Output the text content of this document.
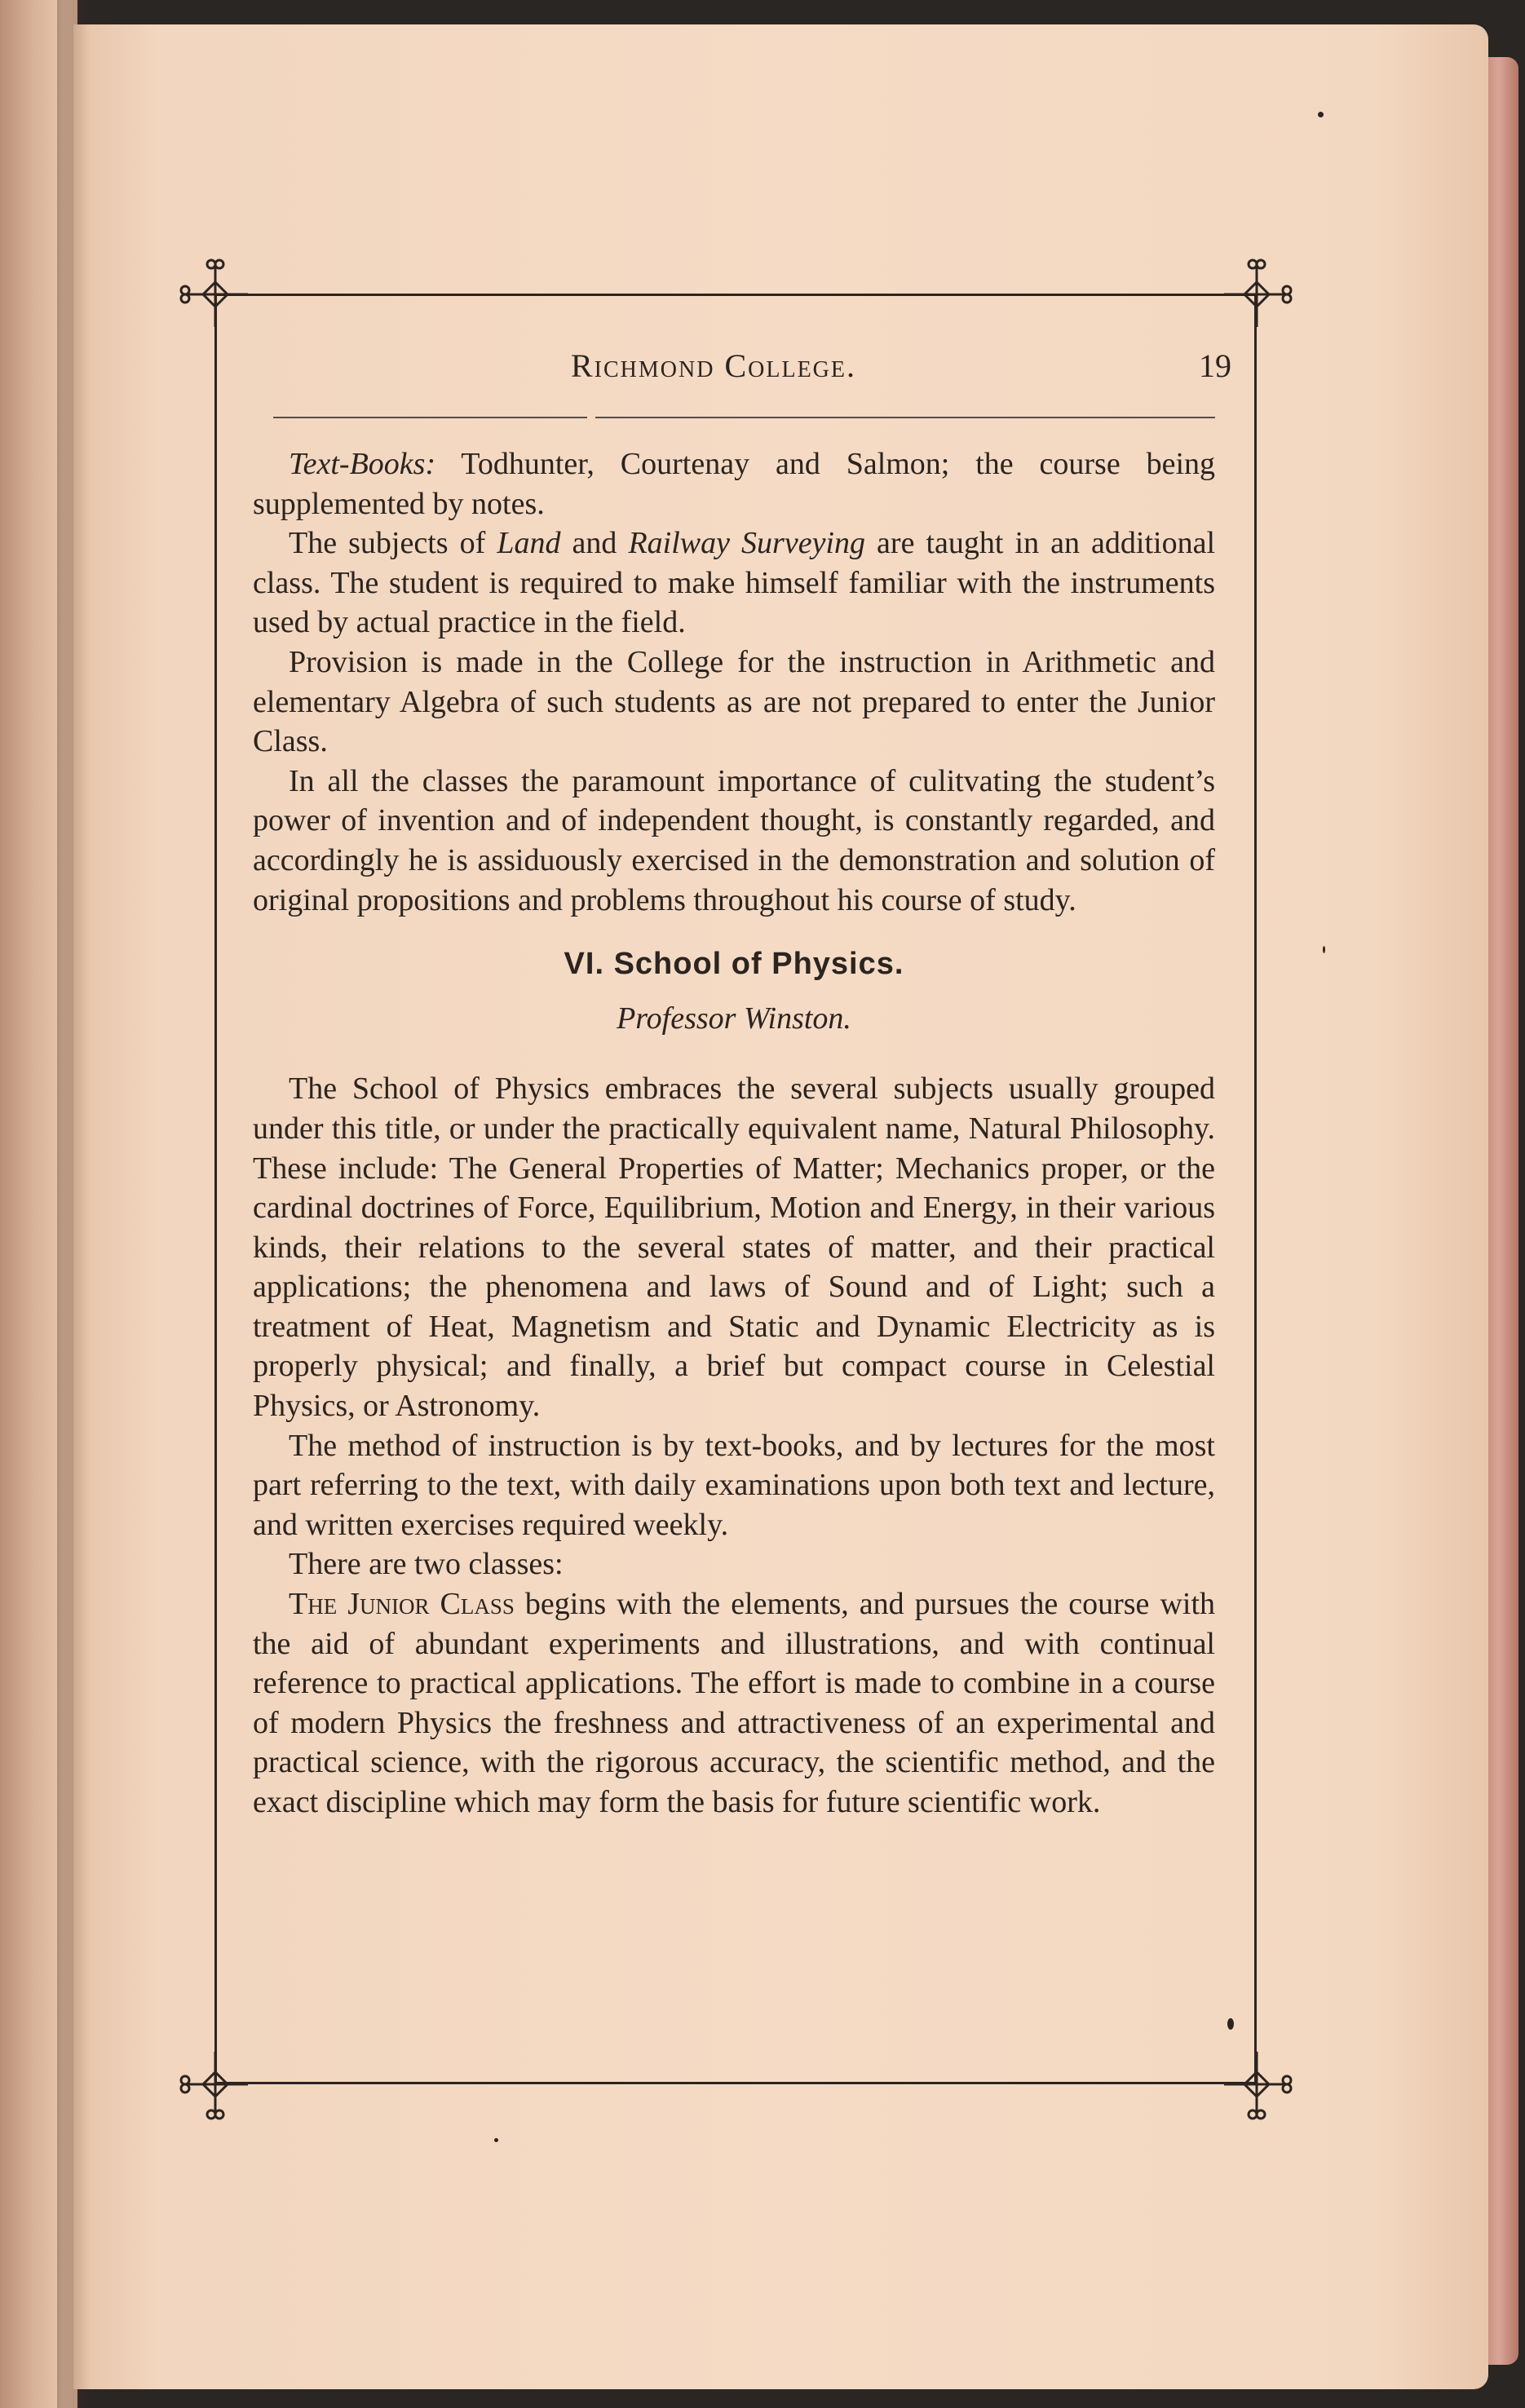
Richmond College.	19

Text-Books: Todhunter, Courtenay and Salmon; the course being supplemented by notes.

The subjects of Land and Railway Surveying are taught in an additional class. The student is required to make himself familiar with the instruments used by actual practice in the field.

Provision is made in the College for the instruction in Arithmetic and elementary Algebra of such students as are not prepared to enter the Junior Class.

In all the classes the paramount importance of culitvating the student’s power of invention and of independent thought, is constantly regarded, and accordingly he is assiduously exercised in the demonstration and solution of original propositions and problems throughout his course of study.

VI. School of Physics.
Professor Winston.

The School of Physics embraces the several subjects usually grouped under this title, or under the practically equivalent name, Natural Philosophy. These include: The General Properties of Matter; Mechanics proper, or the cardinal doctrines of Force, Equilibrium, Motion and Energy, in their various kinds, their relations to the several states of matter, and their practical applications; the phenomena and laws of Sound and of Light; such a treatment of Heat, Magnetism and Static and Dynamic Electricity as is properly physical; and finally, a brief but compact course in Celestial Physics, or Astronomy.

The method of instruction is by text-books, and by lectures for the most part referring to the text, with daily examinations upon both text and lecture, and written exercises required weekly.

There are two classes:

The Junior Class begins with the elements, and pursues the course with the aid of abundant experiments and illustrations, and with continual reference to practical applications. The effort is made to combine in a course of modern Physics the freshness and attractiveness of an experimental and practical science, with the rigorous accuracy, the scientific method, and the exact discipline which may form the basis for future scientific work.
